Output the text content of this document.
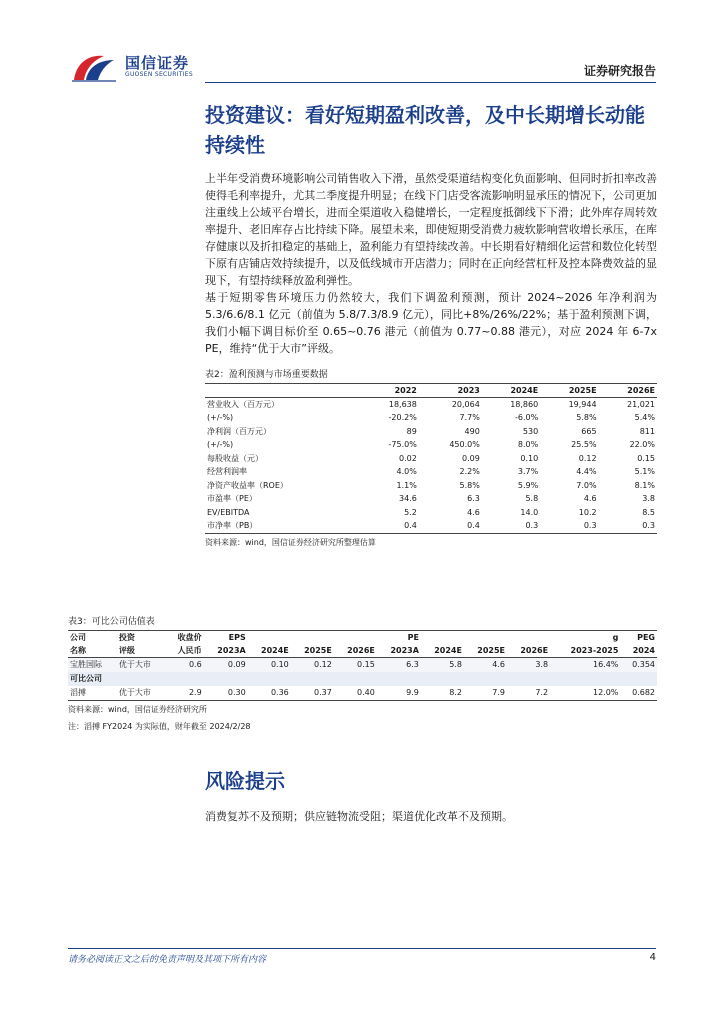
国信证券
GUOSEN SECURITIES	证券研究报告
投资建议：看好短期盈利改善，及中长期增长动能持续性

上半年受消费环境影响公司销售收入下滑，虽然受渠道结构变化负面影响、但同时折扣率改善使得毛利率提升，尤其二季度提升明显；在线下门店受客流影响明显承压的情况下，公司更加注重线上公域平台增长，进而全渠道收入稳健增长，一定程度抵御线下下滑；此外库存周转效率提升、老旧库存占比持续下降。展望未来，即使短期受消费力疲软影响营收增长承压，在库存健康以及折扣稳定的基础上，盈利能力有望持续改善。中长期看好精细化运营和数位化转型下原有店铺店效持续提升，以及低线城市开店潜力；同时在正向经营杠杆及控本降费效益的显现下，有望持续释放盈利弹性。

基于短期零售环境压力仍然较大，我们下调盈利预测，预计 2024~2026 年净利润为 5.3/6.6/8.1 亿元（前值为 5.8/7.3/8.9 亿元），同比+8%/26%/22%；基于盈利预测下调，我们小幅下调目标价至 0.65~0.76 港元（前值为 0.77~0.88 港元），对应 2024 年 6-7x PE，维持“优于大市”评级。

表2：盈利预测与市场重要数据
	2022	2023	2024E	2025E	2026E
营业收入（百万元）	18,638	20,064	18,860	19,944	21,021
(+/-%)	-20.2%	7.7%	-6.0%	5.8%	5.4%
净利润（百万元）	89	490	530	665	811
(+/-%)	-75.0%	450.0%	8.0%	25.5%	22.0%
每股收益（元）	0.02	0.09	0.10	0.12	0.15
经营利润率	4.0%	2.2%	3.7%	4.4%	5.1%
净资产收益率（ROE）	1.1%	5.8%	5.9%	7.0%	8.1%
市盈率（PE）	34.6	6.3	5.8	4.6	3.8
EV/EBITDA	5.2	4.6	14.0	10.2	8.5
市净率（PB）	0.4	0.4	0.3	0.3	0.3
资料来源：wind，国信证券经济研究所整理估算
表3：可比公司估值表
公司	投资	收盘价	EPS				PE				g	PEG
名称	评级	人民币	2023A	2024E	2025E	2026E	2023A	2024E	2025E	2026E	2023-2025	2024
宝胜国际	优于大市	0.6	0.09	0.10	0.12	0.15	6.3	5.8	4.6	3.8	16.4%	0.354
可比公司												
滔搏	优于大市	2.9	0.30	0.36	0.37	0.40	9.9	8.2	7.9	7.2	12.0%	0.682
资料来源：wind，国信证券经济研究所
注：滔搏 FY2024 为实际值，财年截至 2024/2/28
风险提示

消费复苏不及预期；供应链物流受阻；渠道优化改革不及预期。

请务必阅读正文之后的免责声明及其项下所有内容	4
